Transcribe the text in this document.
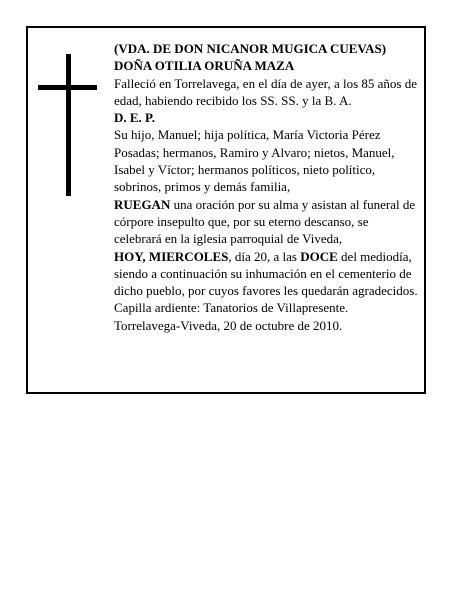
(VDA. DE DON NICANOR MUGICA CUEVAS)

DOÑA OTILIA ORUÑA MAZA

Falleció en Torrelavega, en el día de ayer, a los 85 años de edad, habiendo recibido los SS. SS. y la B. A.

D. E. P.

Su hijo, Manuel; hija política, María Victoria Pérez Posadas; hermanos, Ramiro y Alvaro; nietos, Manuel, Isabel y Víctor; hermanos políticos, nieto político, sobrinos, primos y demás familia,

RUEGAN una oración por su alma y asistan al funeral de córpore insepulto que, por su eterno descanso, se celebrará en la iglesia parroquial de Viveda,

HOY, MIERCOLES, día 20, a las DOCE del mediodía, siendo a continuación su inhumación en el cementerio de dicho pueblo, por cuyos favores les quedarán agradecidos. Capilla ardiente: Tanatorios de Villapresente.

Torrelavega-Viveda, 20 de octubre de 2010.
